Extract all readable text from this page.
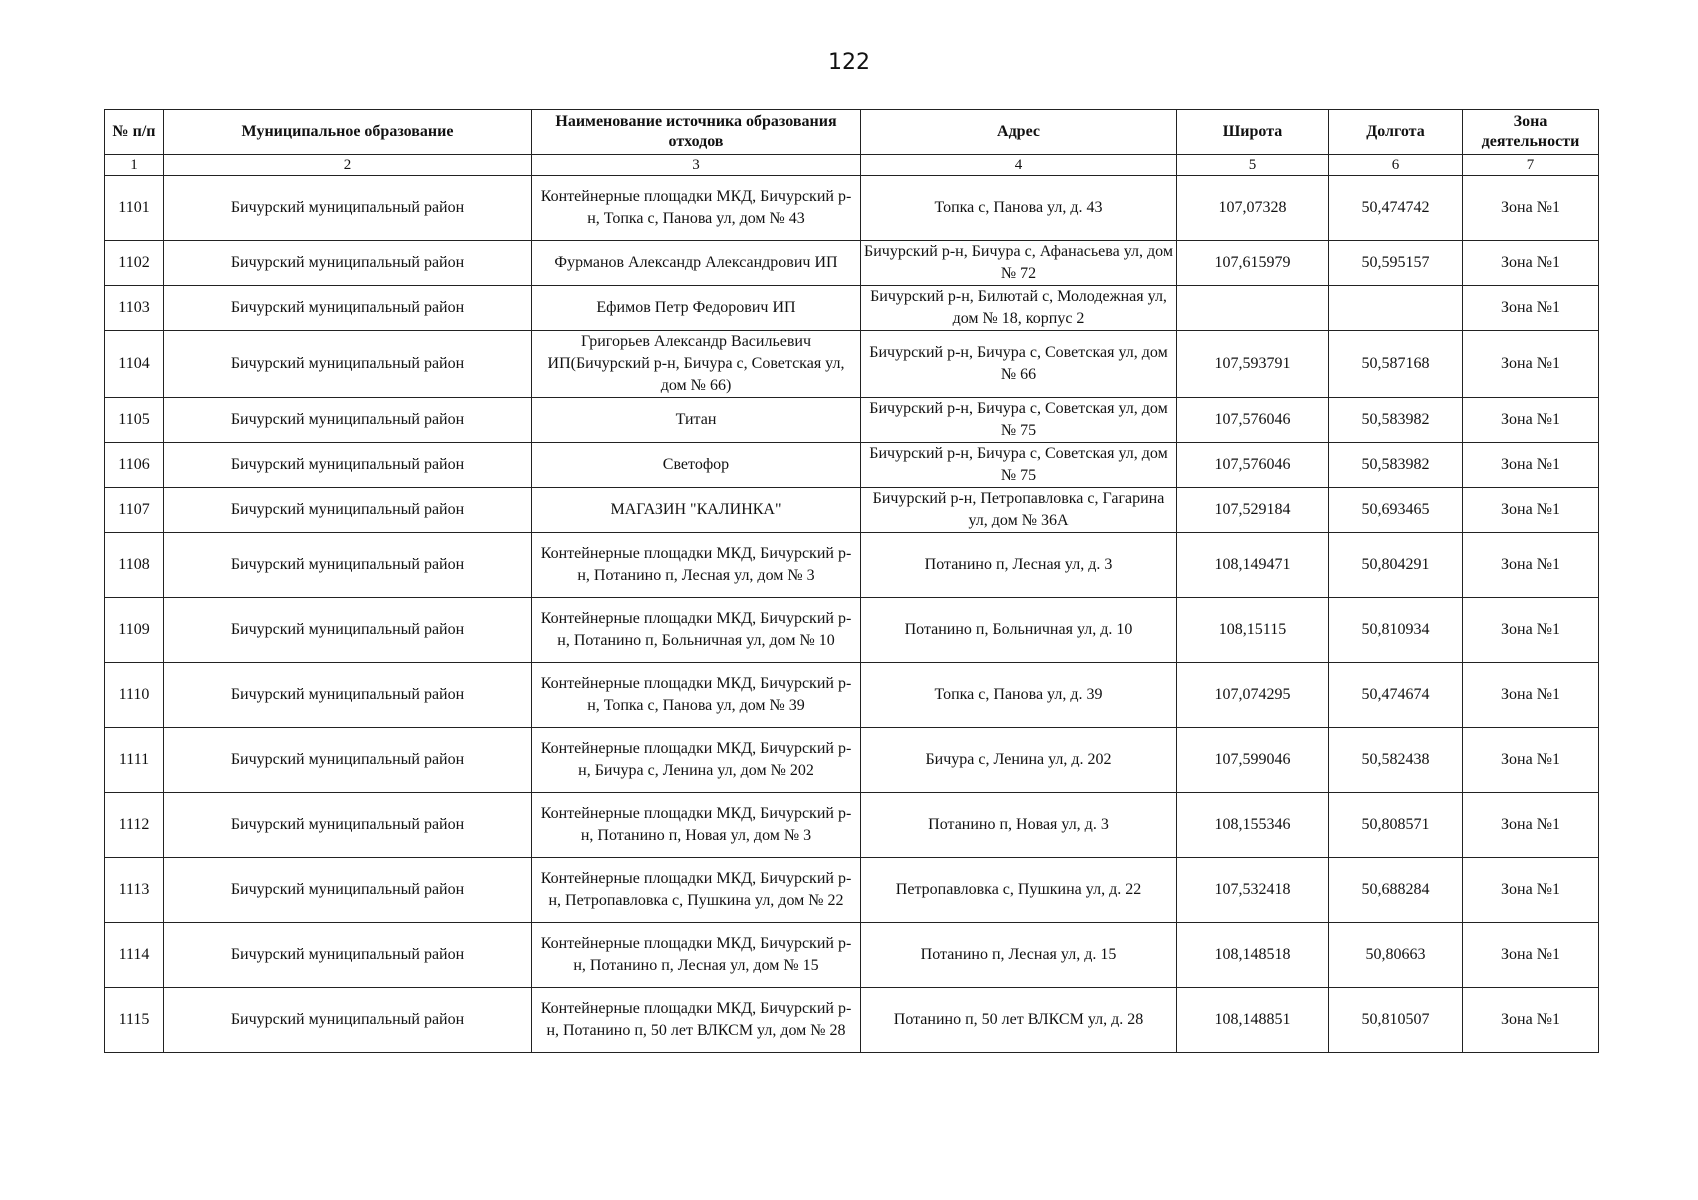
122
№ п/п	Муниципальное образование	Наименование источника образования отходов	Адрес	Широта	Долгота	Зона деятельности
1	2	3	4	5	6	7
1101	Бичурский муниципальный район	Контейнерные площадки МКД, Бичурский р-н, Топка с, Панова ул, дом № 43	Топка с, Панова ул, д. 43	107,07328	50,474742	Зона №1
1102	Бичурский муниципальный район	Фурманов Александр Александрович ИП	Бичурский р-н, Бичура с, Афанасьева ул, дом № 72	107,615979	50,595157	Зона №1
1103	Бичурский муниципальный район	Ефимов Петр Федорович ИП	Бичурский р-н, Билютай с, Молодежная ул, дом № 18, корпус 2			Зона №1
1104	Бичурский муниципальный район	Григорьев Александр Васильевич ИП(Бичурский р-н, Бичура с, Советская ул, дом № 66)	Бичурский р-н, Бичура с, Советская ул, дом № 66	107,593791	50,587168	Зона №1
1105	Бичурский муниципальный район	Титан	Бичурский р-н, Бичура с, Советская ул, дом № 75	107,576046	50,583982	Зона №1
1106	Бичурский муниципальный район	Светофор	Бичурский р-н, Бичура с, Советская ул, дом № 75	107,576046	50,583982	Зона №1
1107	Бичурский муниципальный район	МАГАЗИН "КАЛИНКА"	Бичурский р-н, Петропавловка с, Гагарина ул, дом № 36А	107,529184	50,693465	Зона №1
1108	Бичурский муниципальный район	Контейнерные площадки МКД, Бичурский р-н, Потанино п, Лесная ул, дом № 3	Потанино п, Лесная ул, д. 3	108,149471	50,804291	Зона №1
1109	Бичурский муниципальный район	Контейнерные площадки МКД, Бичурский р-н, Потанино п, Больничная ул, дом № 10	Потанино п, Больничная ул, д. 10	108,15115	50,810934	Зона №1
1110	Бичурский муниципальный район	Контейнерные площадки МКД, Бичурский р-н, Топка с, Панова ул, дом № 39	Топка с, Панова ул, д. 39	107,074295	50,474674	Зона №1
1111	Бичурский муниципальный район	Контейнерные площадки МКД, Бичурский р-н, Бичура с, Ленина ул, дом № 202	Бичура с, Ленина ул, д. 202	107,599046	50,582438	Зона №1
1112	Бичурский муниципальный район	Контейнерные площадки МКД, Бичурский р-н, Потанино п, Новая ул, дом № 3	Потанино п, Новая ул, д. 3	108,155346	50,808571	Зона №1
1113	Бичурский муниципальный район	Контейнерные площадки МКД, Бичурский р-н, Петропавловка с, Пушкина ул, дом № 22	Петропавловка с, Пушкина ул, д. 22	107,532418	50,688284	Зона №1
1114	Бичурский муниципальный район	Контейнерные площадки МКД, Бичурский р-н, Потанино п, Лесная ул, дом № 15	Потанино п, Лесная ул, д. 15	108,148518	50,80663	Зона №1
1115	Бичурский муниципальный район	Контейнерные площадки МКД, Бичурский р-н, Потанино п, 50 лет ВЛКСМ ул, дом № 28	Потанино п, 50 лет ВЛКСМ ул, д. 28	108,148851	50,810507	Зона №1
